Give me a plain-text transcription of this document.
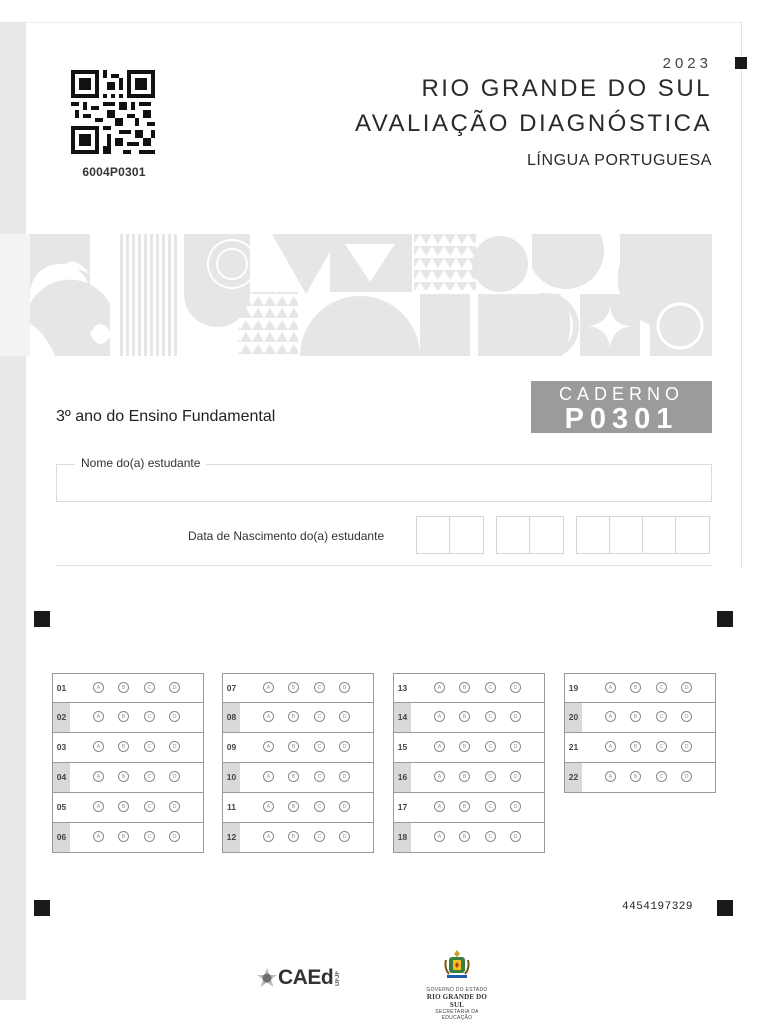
6004P0301
2023
RIO GRANDE DO SUL
AVALIAÇÃO DIAGNÓSTICA
LÍNGUA PORTUGUESA
3º ano do Ensino Fundamental
CADERNO
P0301
Nome do(a) estudante
Data de Nascimento do(a) estudante
01	A	B	C	D
02	A	B	C	D
03	A	B	C	D
04	A	B	C	D
05	A	B	C	D
06	A	B	C	D
07	A	B	C	D
08	A	B	C	D
09	A	B	C	D
10	A	B	C	D
11	A	B	C	D
12	A	B	C	D
13	A	B	C	D
14	A	B	C	D
15	A	B	C	D
16	A	B	C	D
17	A	B	C	D
18	A	B	C	D
19	A	B	C	D
20	A	B	C	D
21	A	B	C	D
22	A	B	C	D
4454197329
CAEd UFJF
GOVERNO DO ESTADO
RIO GRANDE DO SUL
SECRETARIA DA EDUCAÇÃO
